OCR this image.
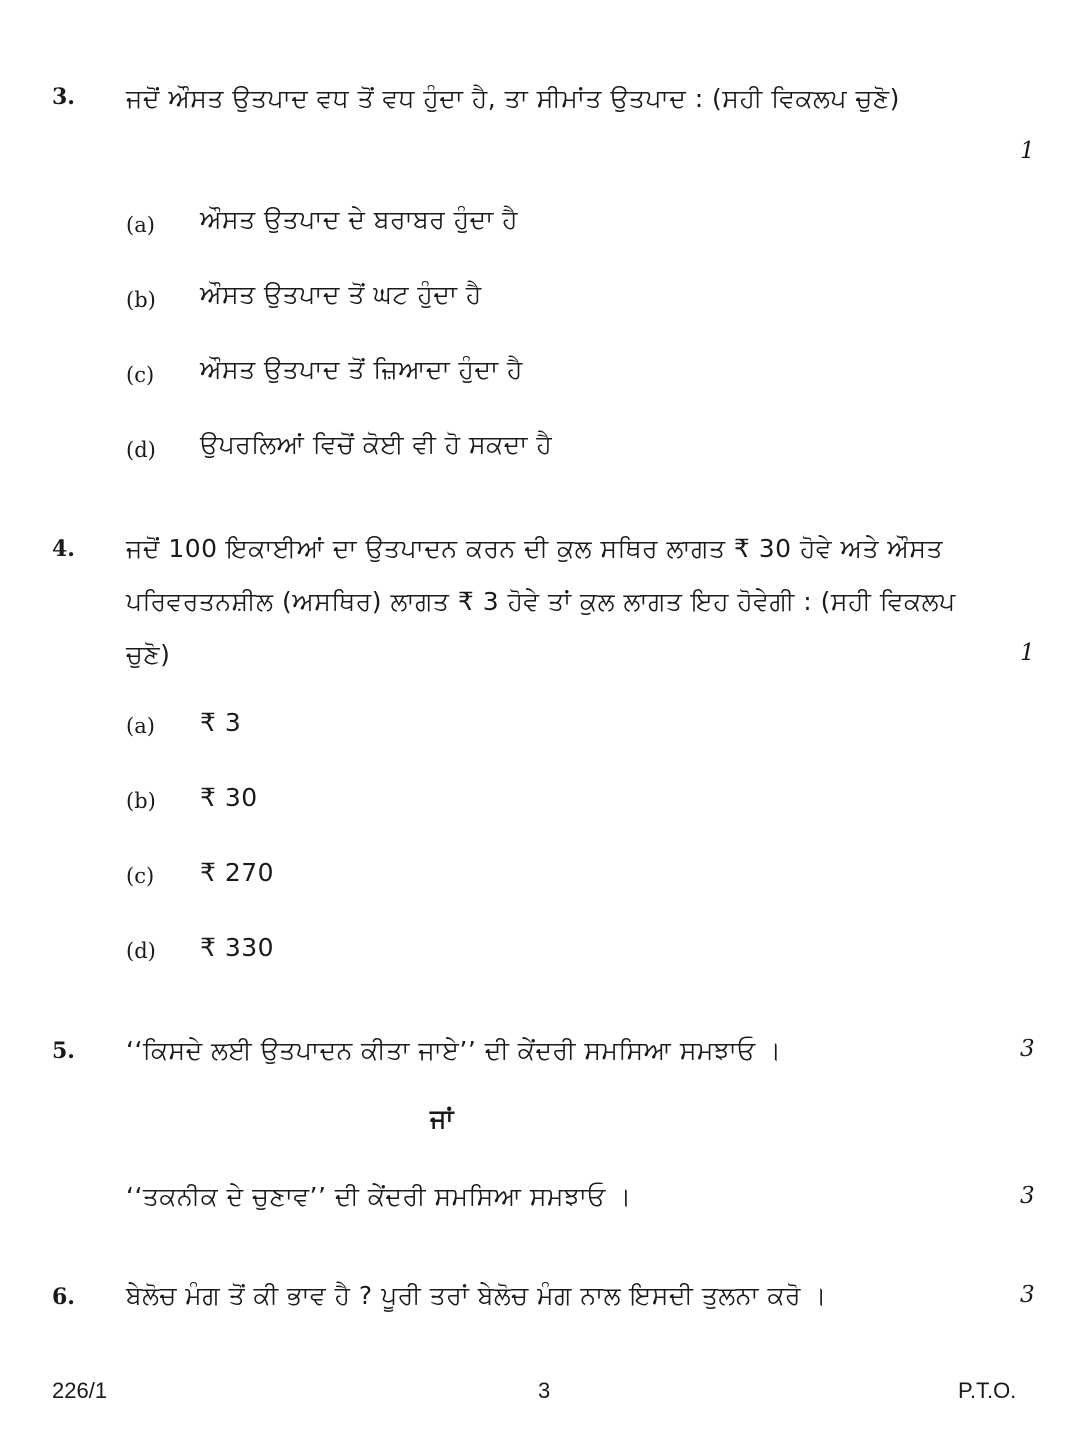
3. ਜਦੋਂ ਔਸਤ ਉਤਪਾਦ ਵਧ ਤੋਂ ਵਧ ਹੁੰਦਾ ਹੈ, ਤਾ ਸੀਮਾਂਤ ਉਤਪਾਦ : (ਸਹੀ ਵਿਕਲਪ ਚੁਣੋ)
1
(a) ਔਸਤ ਉਤਪਾਦ ਦੇ ਬਰਾਬਰ ਹੁੰਦਾ ਹੈ
(b) ਔਸਤ ਉਤਪਾਦ ਤੋਂ ਘਟ ਹੁੰਦਾ ਹੈ
(c) ਔਸਤ ਉਤਪਾਦ ਤੋਂ ਜ਼ਿਆਦਾ ਹੁੰਦਾ ਹੈ
(d) ਉਪਰਲਿਆਂ ਵਿਚੋਂ ਕੋਈ ਵੀ ਹੋ ਸਕਦਾ ਹੈ
4. ਜਦੋਂ 100 ਇਕਾਈਆਂ ਦਾ ਉਤਪਾਦਨ ਕਰਨ ਦੀ ਕੁਲ ਸਥਿਰ ਲਾਗਤ ₹ 30 ਹੋਵੇ ਅਤੇ ਔਸਤ ਪਰਿਵਰਤਨਸ਼ੀਲ (ਅਸਥਿਰ) ਲਾਗਤ ₹ 3 ਹੋਵੇ ਤਾਂ ਕੁਲ ਲਾਗਤ ਇਹ ਹੋਵੇਗੀ : (ਸਹੀ ਵਿਕਲਪ ਚੁਣੋ)	1
(a) ₹ 3
(b) ₹ 30
(c) ₹ 270
(d) ₹ 330
5. ‘‘ਕਿਸਦੇ ਲਈ ਉਤਪਾਦਨ ਕੀਤਾ ਜਾਏ’’ ਦੀ ਕੇਂਦਰੀ ਸਮਸਿਆ ਸਮਝਾਓ ।	3
ਜਾਂ
‘‘ਤਕਨੀਕ ਦੇ ਚੁਣਾਵ’’ ਦੀ ਕੇਂਦਰੀ ਸਮਸਿਆ ਸਮਝਾਓ ।	3
6. ਬੇਲੋਚ ਮੰਗ ਤੋਂ ਕੀ ਭਾਵ ਹੈ ? ਪੂਰੀ ਤਰਾਂ ਬੇਲੋਚ ਮੰਗ ਨਾਲ ਇਸਦੀ ਤੁਲਨਾ ਕਰੋ ।	3
226/1	3	P.T.O.
